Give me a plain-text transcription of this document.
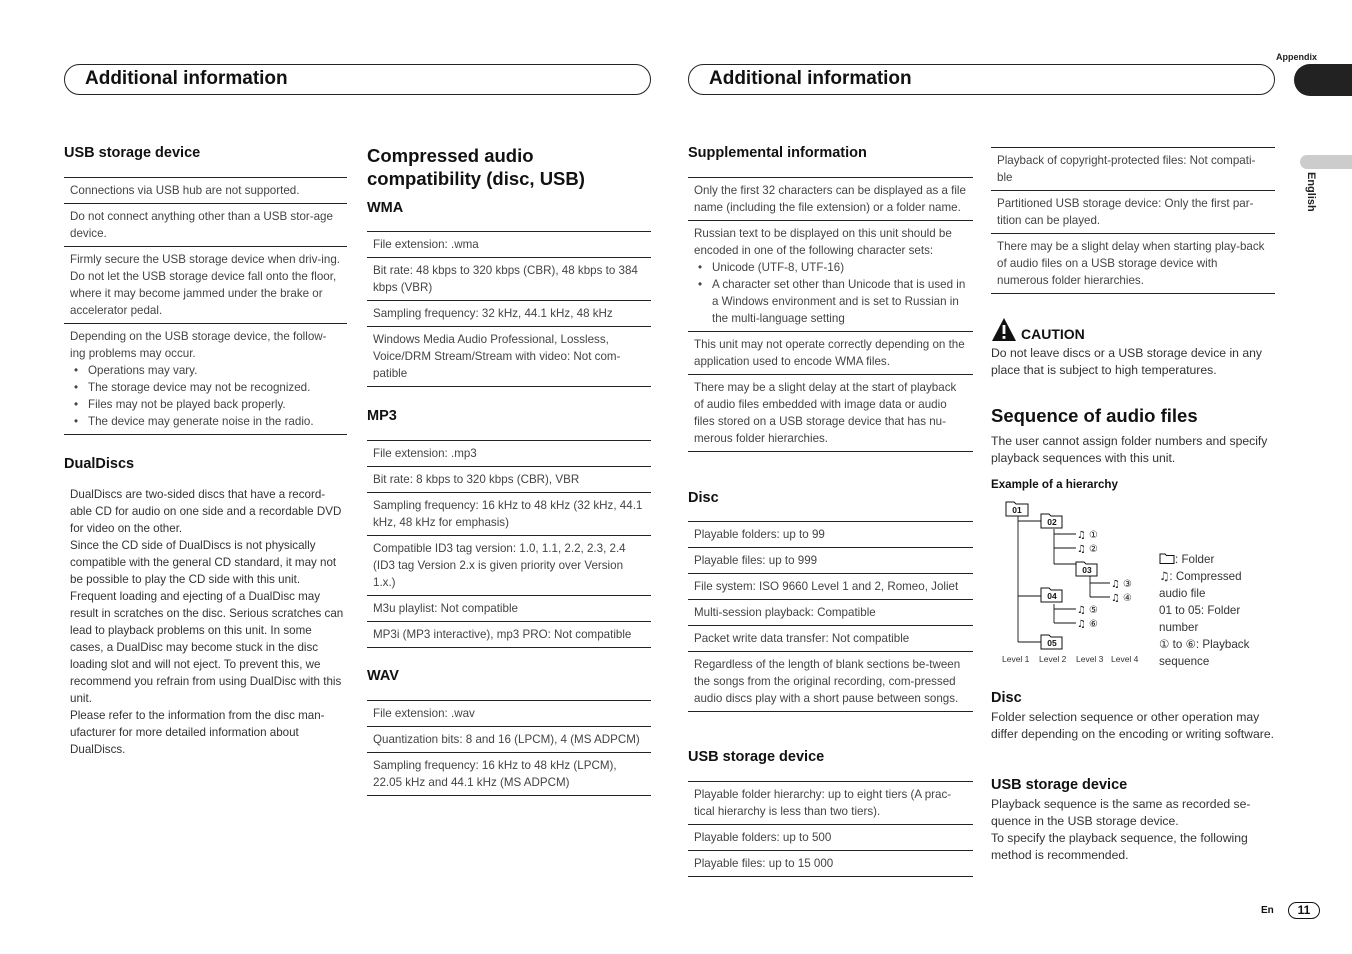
Appendix
English
Additional information	Additional information
USB storage device
Connections via USB hub are not supported.
Do not connect anything other than a USB stor-age device.
Firmly secure the USB storage device when driv-ing. Do not let the USB storage device fall onto the floor, where it may become jammed under the brake or accelerator pedal.
Depending on the USB storage device, the follow-ing problems may occur.
• Operations may vary.
• The storage device may not be recognized.
• Files may not be played back properly.
• The device may generate noise in the radio.
DualDiscs
DualDiscs are two-sided discs that have a record-able CD for audio on one side and a recordable DVD for video on the other.
Since the CD side of DualDiscs is not physically compatible with the general CD standard, it may not be possible to play the CD side with this unit.
Frequent loading and ejecting of a DualDisc may result in scratches on the disc. Serious scratches can lead to playback problems on this unit. In some cases, a DualDisc may become stuck in the disc loading slot and will not eject. To prevent this, we recommend you refrain from using DualDisc with this unit.
Please refer to the information from the disc man-ufacturer for more detailed information about DualDiscs.
Compressed audio compatibility (disc, USB)
WMA
File extension: .wma
Bit rate: 48 kbps to 320 kbps (CBR), 48 kbps to 384 kbps (VBR)
Sampling frequency: 32 kHz, 44.1 kHz, 48 kHz
Windows Media Audio Professional, Lossless, Voice/DRM Stream/Stream with video: Not com-patible
MP3
File extension: .mp3
Bit rate: 8 kbps to 320 kbps (CBR), VBR
Sampling frequency: 16 kHz to 48 kHz (32 kHz, 44.1 kHz, 48 kHz for emphasis)
Compatible ID3 tag version: 1.0, 1.1, 2.2, 2.3, 2.4 (ID3 tag Version 2.x is given priority over Version 1.x.)
M3u playlist: Not compatible
MP3i (MP3 interactive), mp3 PRO: Not compatible
WAV
File extension: .wav
Quantization bits: 8 and 16 (LPCM), 4 (MS ADPCM)
Sampling frequency: 16 kHz to 48 kHz (LPCM), 22.05 kHz and 44.1 kHz (MS ADPCM)
Supplemental information
Only the first 32 characters can be displayed as a file name (including the file extension) or a folder name.
Russian text to be displayed on this unit should be encoded in one of the following character sets:
• Unicode (UTF-8, UTF-16)
• A character set other than Unicode that is used in a Windows environment and is set to Russian in the multi-language setting
This unit may not operate correctly depending on the application used to encode WMA files.
There may be a slight delay at the start of playback of audio files embedded with image data or audio files stored on a USB storage device that has nu-merous folder hierarchies.
Disc
Playable folders: up to 99
Playable files: up to 999
File system: ISO 9660 Level 1 and 2, Romeo, Joliet
Multi-session playback: Compatible
Packet write data transfer: Not compatible
Regardless of the length of blank sections be-tween the songs from the original recording, com-pressed audio discs play with a short pause between songs.
USB storage device
Playable folder hierarchy: up to eight tiers (A prac-tical hierarchy is less than two tiers).
Playable folders: up to 500
Playable files: up to 15 000
Playback of copyright-protected files: Not compati-ble
Partitioned USB storage device: Only the first par-tition can be played.
There may be a slight delay when starting play-back of audio files on a USB storage device with numerous folder hierarchies.
CAUTION
Do not leave discs or a USB storage device in any place that is subject to high temperatures.
Sequence of audio files
The user cannot assign folder numbers and specify playback sequences with this unit.
Example of a hierarchy
01
02
03
04
05
♫
♫
♫
♫
♫
♫
①
②
③
④
⑤
⑥
Level 1 Level 2 Level 3 Level 4
: Folder
♫: Compressed audio file
01 to 05: Folder number
① to ⑥: Playback sequence
Disc
Folder selection sequence or other operation may differ depending on the encoding or writing software.
USB storage device
Playback sequence is the same as recorded se-quence in the USB storage device.
To specify the playback sequence, the following method is recommended.
En	11
